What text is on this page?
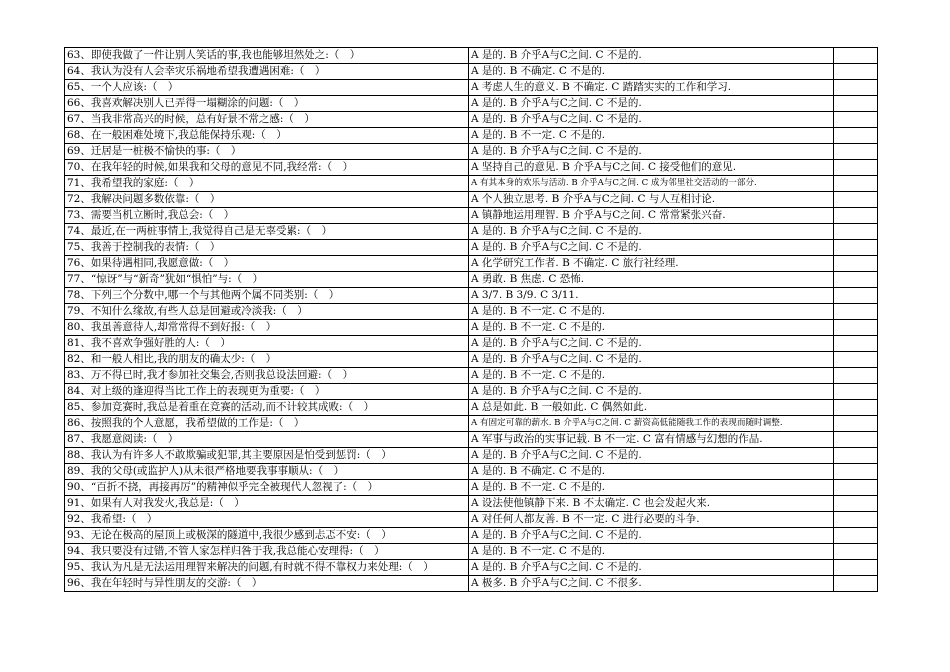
63、即使我做了一件让别人笑话的事,我也能够坦然处之:（　）	A 是的. B 介乎A与C之间. C 不是的.	
64、我认为没有人会幸灾乐祸地希望我遭遇困难:（　）	A 是的. B 不确定. C 不是的.	
65、一个人应该:（　）	A 考虑人生的意义. B 不确定. C 踏踏实实的工作和学习.	
66、我喜欢解决别人已弄得一塌糊涂的问题:（　）	A 是的. B 介乎A与C之间. C 不是的.	
67、当我非常高兴的时候，总有好景不常之感:（　）	A 是的. B 介乎A与C之间. C 不是的.	
68、在一般困难处境下,我总能保持乐观:（　）	A 是的. B 不一定. C 不是的.	
69、迁居是一桩极不愉快的事:（　）	A 是的. B 介乎A与C之间. C 不是的.	
70、在我年轻的时候,如果我和父母的意见不同,我经常:（　）	A 坚持自己的意见. B 介乎A与C之间. C 接受他们的意见.	
71、我希望我的家庭:（　）	A 有其本身的欢乐与活动. B 介乎A与C之间. C 成为邻里社交活动的一部分.	
72、我解决问题多数依靠:（　）	A 个人独立思考. B 介乎A与C之间. C 与人互相讨论.	
73、需要当机立断时,我总会:（　）	A 镇静地运用理智. B 介乎A与C之间. C 常常紧张兴奋.	
74、最近,在一两桩事情上,我觉得自己是无辜受累:（　）	A 是的. B 介乎A与C之间. C 不是的.	
75、我善于控制我的表情:（　）	A 是的. B 介乎A与C之间. C 不是的.	
76、如果待遇相同,我愿意做:（　）	A 化学研究工作者. B 不确定. C 旅行社经理.	
77、“惊讶”与“新奇”犹如“惧怕”与:（　）	A 勇敢. B 焦虑. C 恐怖.	
78、下列三个分数中,哪一个与其他两个属不同类别:（　）	A 3/7. B 3/9. C 3/11.	
79、不知什么缘故,有些人总是回避或冷淡我:（　）	A 是的. B 不一定. C 不是的.	
80、我虽善意待人,却常常得不到好报:（　）	A 是的. B 不一定. C 不是的.	
81、我不喜欢争强好胜的人:（　）	A 是的. B 介乎A与C之间. C 不是的.	
82、和一般人相比,我的朋友的确太少:（　）	A 是的. B 介乎A与C之间. C 不是的.	
83、万不得已时,我才参加社交集会,否则我总设法回避:（　）	A 是的. B 不一定. C 不是的.	
84、对上级的逢迎得当比工作上的表现更为重要:（　）	A 是的. B 介乎A与C之间. C 不是的.	
85、参加竞赛时,我总是着重在竞赛的活动,而不计较其成败:（　）	A 总是如此. B 一般如此. C 偶然如此.	
86、按照我的个人意愿，我希望做的工作是:（　）	A 有固定可靠的薪水. B 介乎A与C之间. C 薪资高低能随我工作的表现而随时调整.	
87、我愿意阅读:（　）	A 军事与政治的实事记载. B 不一定. C 富有情感与幻想的作品.	
88、我认为有许多人不敢欺骗或犯罪,其主要原因是怕受到惩罚:（　）	A 是的. B 介乎A与C之间. C 不是的.	
89、我的父母(或监护人)从未很严格地要我事事顺从:（　）	A 是的. B 不确定. C 不是的.	
90、“百折不挠，再接再厉”的精神似乎完全被现代人忽视了:（　）	A 是的. B 不一定. C 不是的.	
91、如果有人对我发火,我总是:（　）	A 设法使他镇静下来. B 不太确定. C 也会发起火来.	
92、我希望:（　）	A 对任何人都友善. B 不一定. C 进行必要的斗争.	
93、无论在极高的屋顶上或极深的隧道中,我很少感到忐忑不安:（　）	A 是的. B 介乎A与C之间. C 不是的.	
94、我只要没有过错,不管人家怎样归咎于我,我总能心安理得:（　）	A 是的. B 不一定. C 不是的.	
95、我认为凡是无法运用理智来解决的问题,有时就不得不靠权力来处理:（　）	A 是的. B 介乎A与C之间. C 不是的.	
96、我在年轻时与异性朋友的交游:（　）	A 极多. B 介乎A与C之间. C 不很多.	
